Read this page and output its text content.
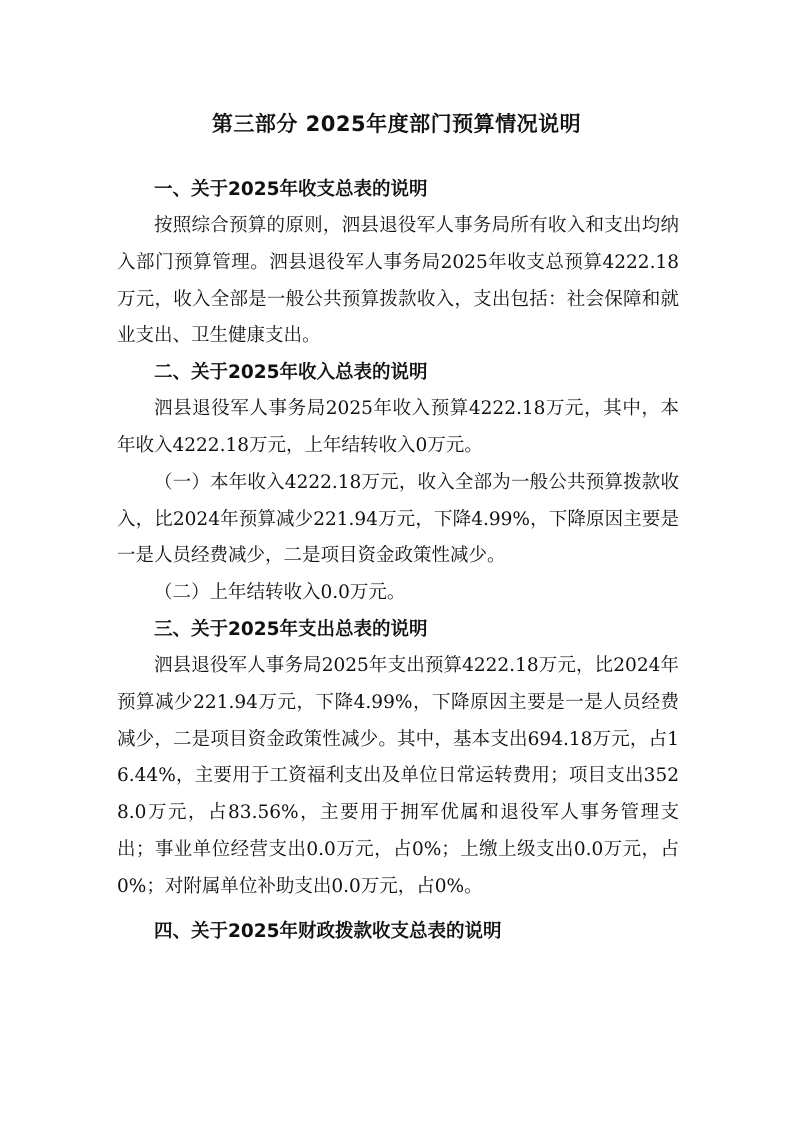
第三部分 2025年度部门预算情况说明
一、关于2025年收支总表的说明

按照综合预算的原则，泗县退役军人事务局所有收入和支出均纳入部门预算管理。泗县退役军人事务局2025年收支总预算4222.18万元，收入全部是一般公共预算拨款收入，支出包括：社会保障和就业支出、卫生健康支出。

二、关于2025年收入总表的说明

泗县退役军人事务局2025年收入预算4222.18万元，其中，本年收入4222.18万元，上年结转收入0万元。

（一）本年收入4222.18万元，收入全部为一般公共预算拨款收入，比2024年预算减少221.94万元，下降4.99%，下降原因主要是一是人员经费减少，二是项目资金政策性减少。

（二）上年结转收入0.0万元。

三、关于2025年支出总表的说明

泗县退役军人事务局2025年支出预算4222.18万元，比2024年预算减少221.94万元，下降4.99%，下降原因主要是一是人员经费减少，二是项目资金政策性减少。其中，基本支出694.18万元，占16.44%，主要用于工资福利支出及单位日常运转费用；项目支出3528.0万元，占83.56%，主要用于拥军优属和退役军人事务管理支出；事业单位经营支出0.0万元，占0%；上缴上级支出0.0万元，占0%；对附属单位补助支出0.0万元，占0%。

四、关于2025年财政拨款收支总表的说明
